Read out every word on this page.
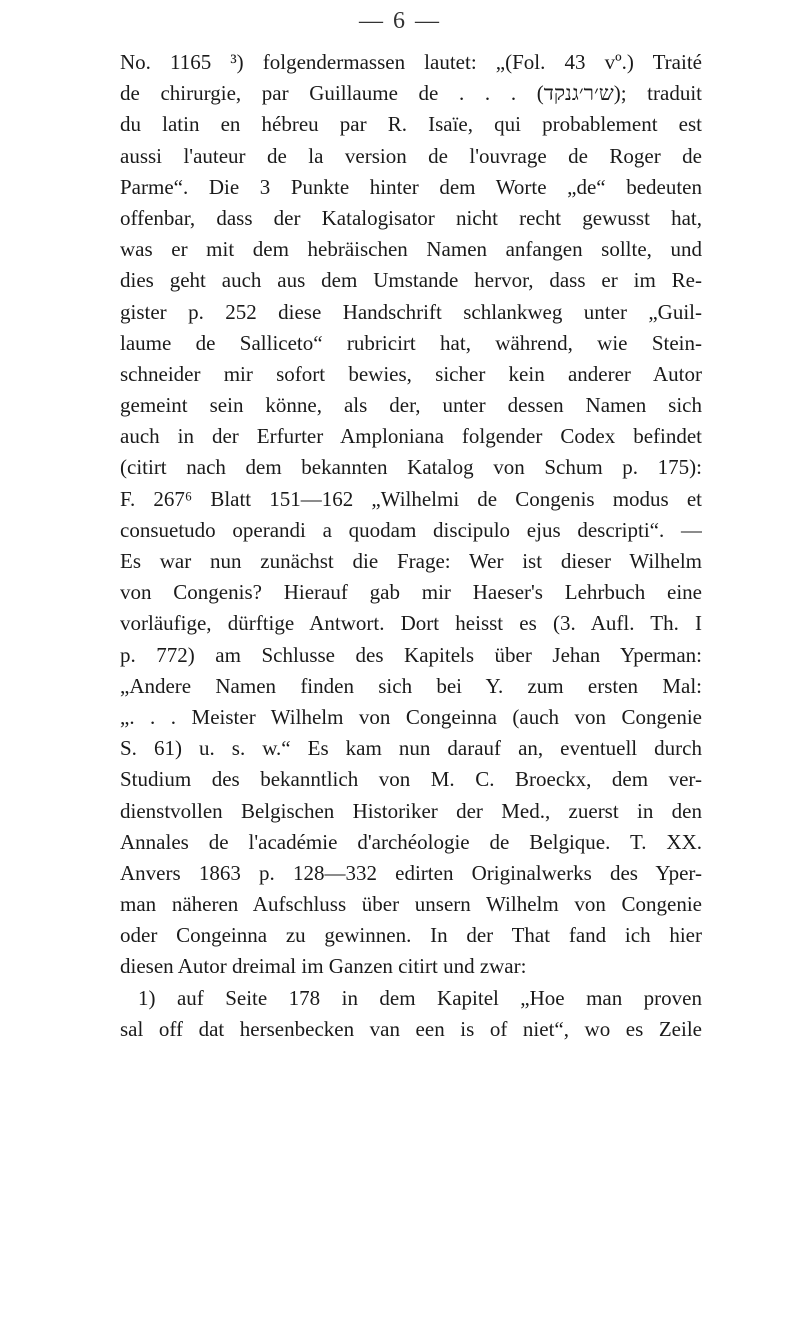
— 6 —
No. 1165 ³) folgendermassen lautet: „(Fol. 43 vº.) Traité
de chirurgie, par Guillaume de . . . (ש׳ר׳גנקד); traduit
du latin en hébreu par R. Isaïe, qui probablement est
aussi l'auteur de la version de l'ouvrage de Roger de
Parme“. Die 3 Punkte hinter dem Worte „de“ bedeuten
offenbar, dass der Katalogisator nicht recht gewusst hat,
was er mit dem hebräischen Namen anfangen sollte, und
dies geht auch aus dem Umstande hervor, dass er im Re-
gister p. 252 diese Handschrift schlankweg unter „Guil-
laume de Salliceto“ rubricirt hat, während, wie Stein-
schneider mir sofort bewies, sicher kein anderer Autor
gemeint sein könne, als der, unter dessen Namen sich
auch in der Erfurter Amploniana folgender Codex befindet
(citirt nach dem bekannten Katalog von Schum p. 175):
F. 267⁶ Blatt 151—162 „Wilhelmi de Congenis modus et
consuetudo operandi a quodam discipulo ejus descripti“. —
Es war nun zunächst die Frage: Wer ist dieser Wilhelm
von Congenis? Hierauf gab mir Haeser's Lehrbuch eine
vorläufige, dürftige Antwort. Dort heisst es (3. Aufl. Th. I
p. 772) am Schlusse des Kapitels über Jehan Yperman:
„Andere Namen finden sich bei Y. zum ersten Mal:
„. . . Meister Wilhelm von Congeinna (auch von Congenie
S. 61) u. s. w.“ Es kam nun darauf an, eventuell durch
Studium des bekanntlich von M. C. Broeckx, dem ver-
dienstvollen Belgischen Historiker der Med., zuerst in den
Annales de l'académie d'archéologie de Belgique. T. XX.
Anvers 1863 p. 128—332 edirten Originalwerks des Yper-
man näheren Aufschluss über unsern Wilhelm von Congenie
oder Congeinna zu gewinnen. In der That fand ich hier
diesen Autor dreimal im Ganzen citirt und zwar:
1) auf Seite 178 in dem Kapitel „Hoe man proven
sal off dat hersenbecken van een is of niet“, wo es Zeile
